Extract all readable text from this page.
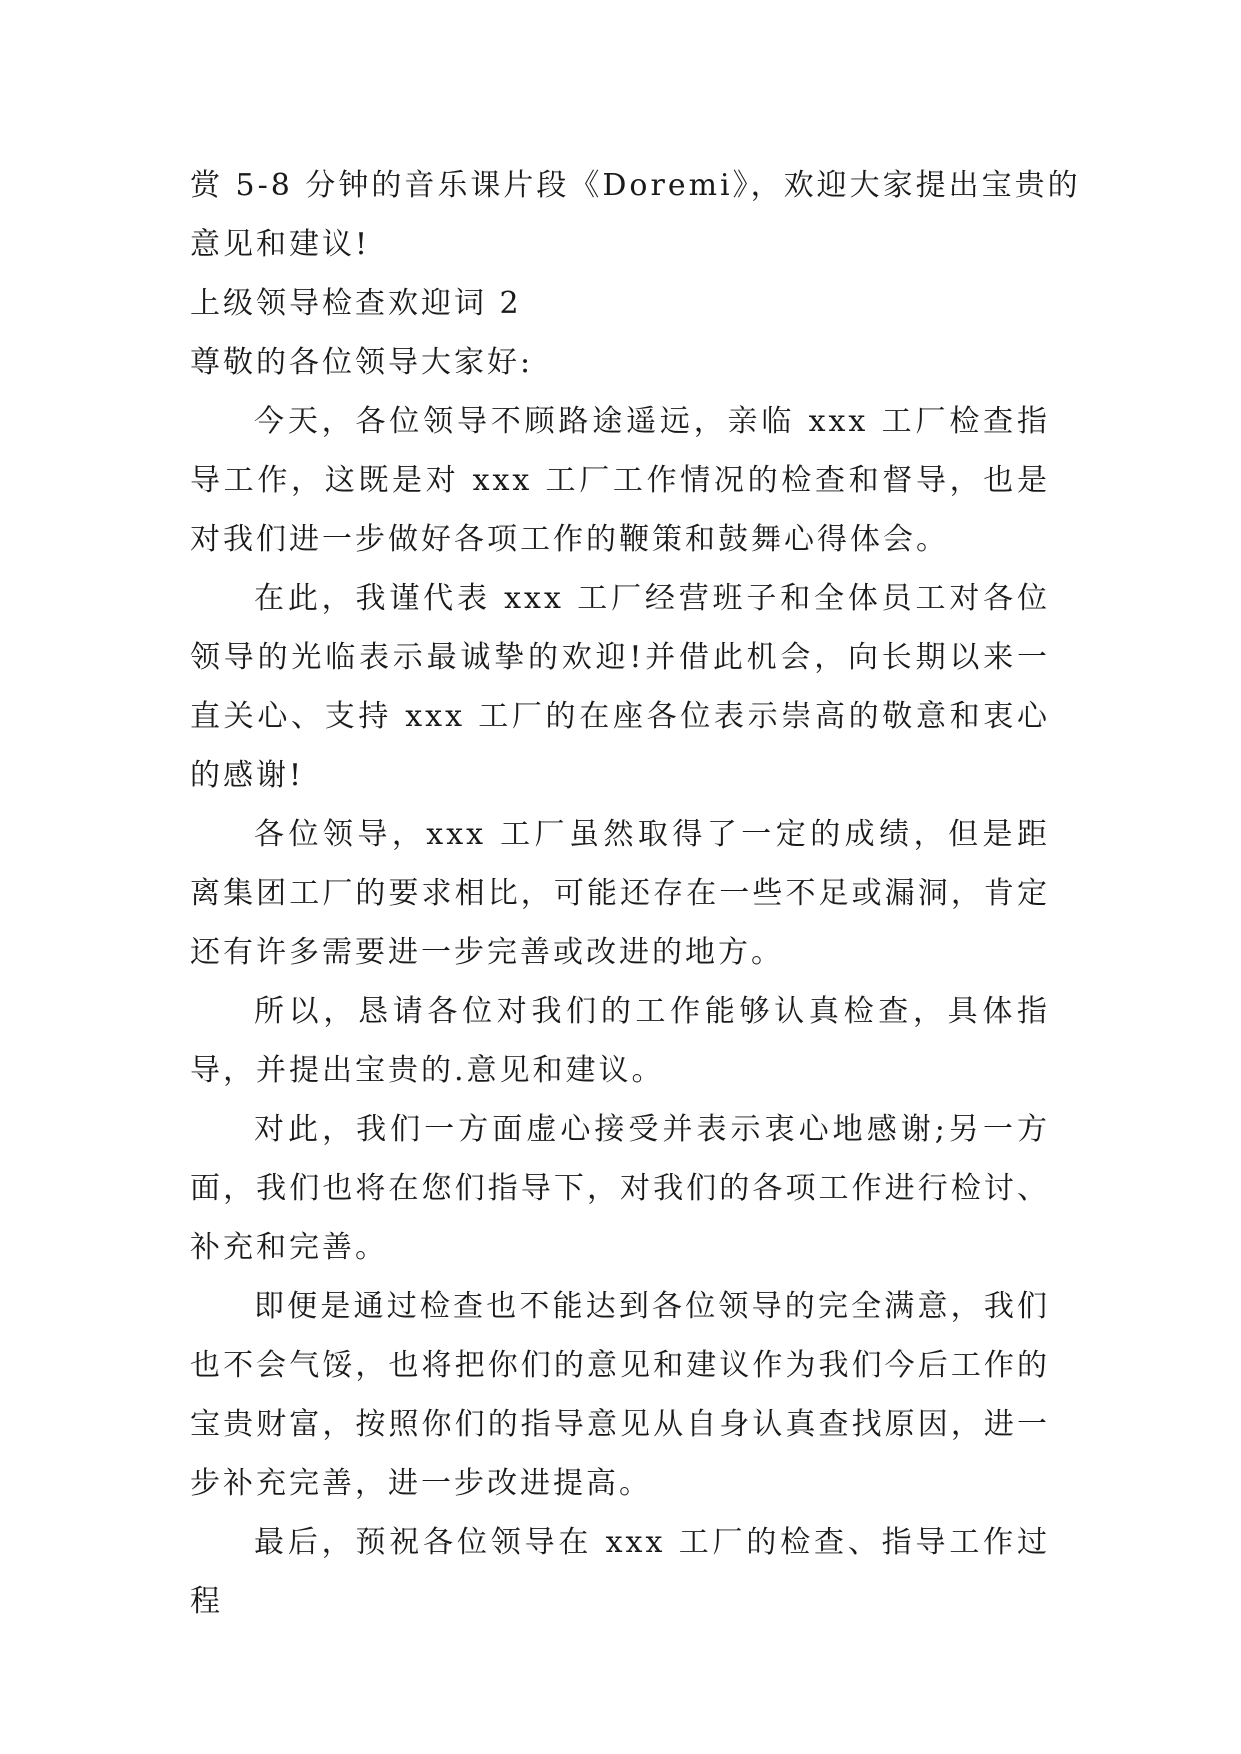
赏 5-8 分钟的音乐课片段《Doremi》，欢迎大家提出宝贵的
意见和建议!
上级领导检查欢迎词 2
尊敬的各位领导大家好:

今天，各位领导不顾路途遥远，亲临 xxx 工厂检查指导工作，这既是对 xxx 工厂工作情况的检查和督导，也是对我们进一步做好各项工作的鞭策和鼓舞心得体会。

在此，我谨代表 xxx 工厂经营班子和全体员工对各位领导的光临表示最诚挚的欢迎!并借此机会，向长期以来一直关心、支持 xxx 工厂的在座各位表示崇高的敬意和衷心的感谢!

各位领导，xxx 工厂虽然取得了一定的成绩，但是距离集团工厂的要求相比，可能还存在一些不足或漏洞，肯定还有许多需要进一步完善或改进的地方。

所以，恳请各位对我们的工作能够认真检查，具体指导，并提出宝贵的.意见和建议。

对此，我们一方面虚心接受并表示衷心地感谢;另一方面，我们也将在您们指导下，对我们的各项工作进行检讨、补充和完善。

即便是通过检查也不能达到各位领导的完全满意，我们也不会气馁，也将把你们的意见和建议作为我们今后工作的宝贵财富，按照你们的指导意见从自身认真查找原因，进一步补充完善，进一步改进提高。

最后，预祝各位领导在 xxx 工厂的检查、指导工作过程
